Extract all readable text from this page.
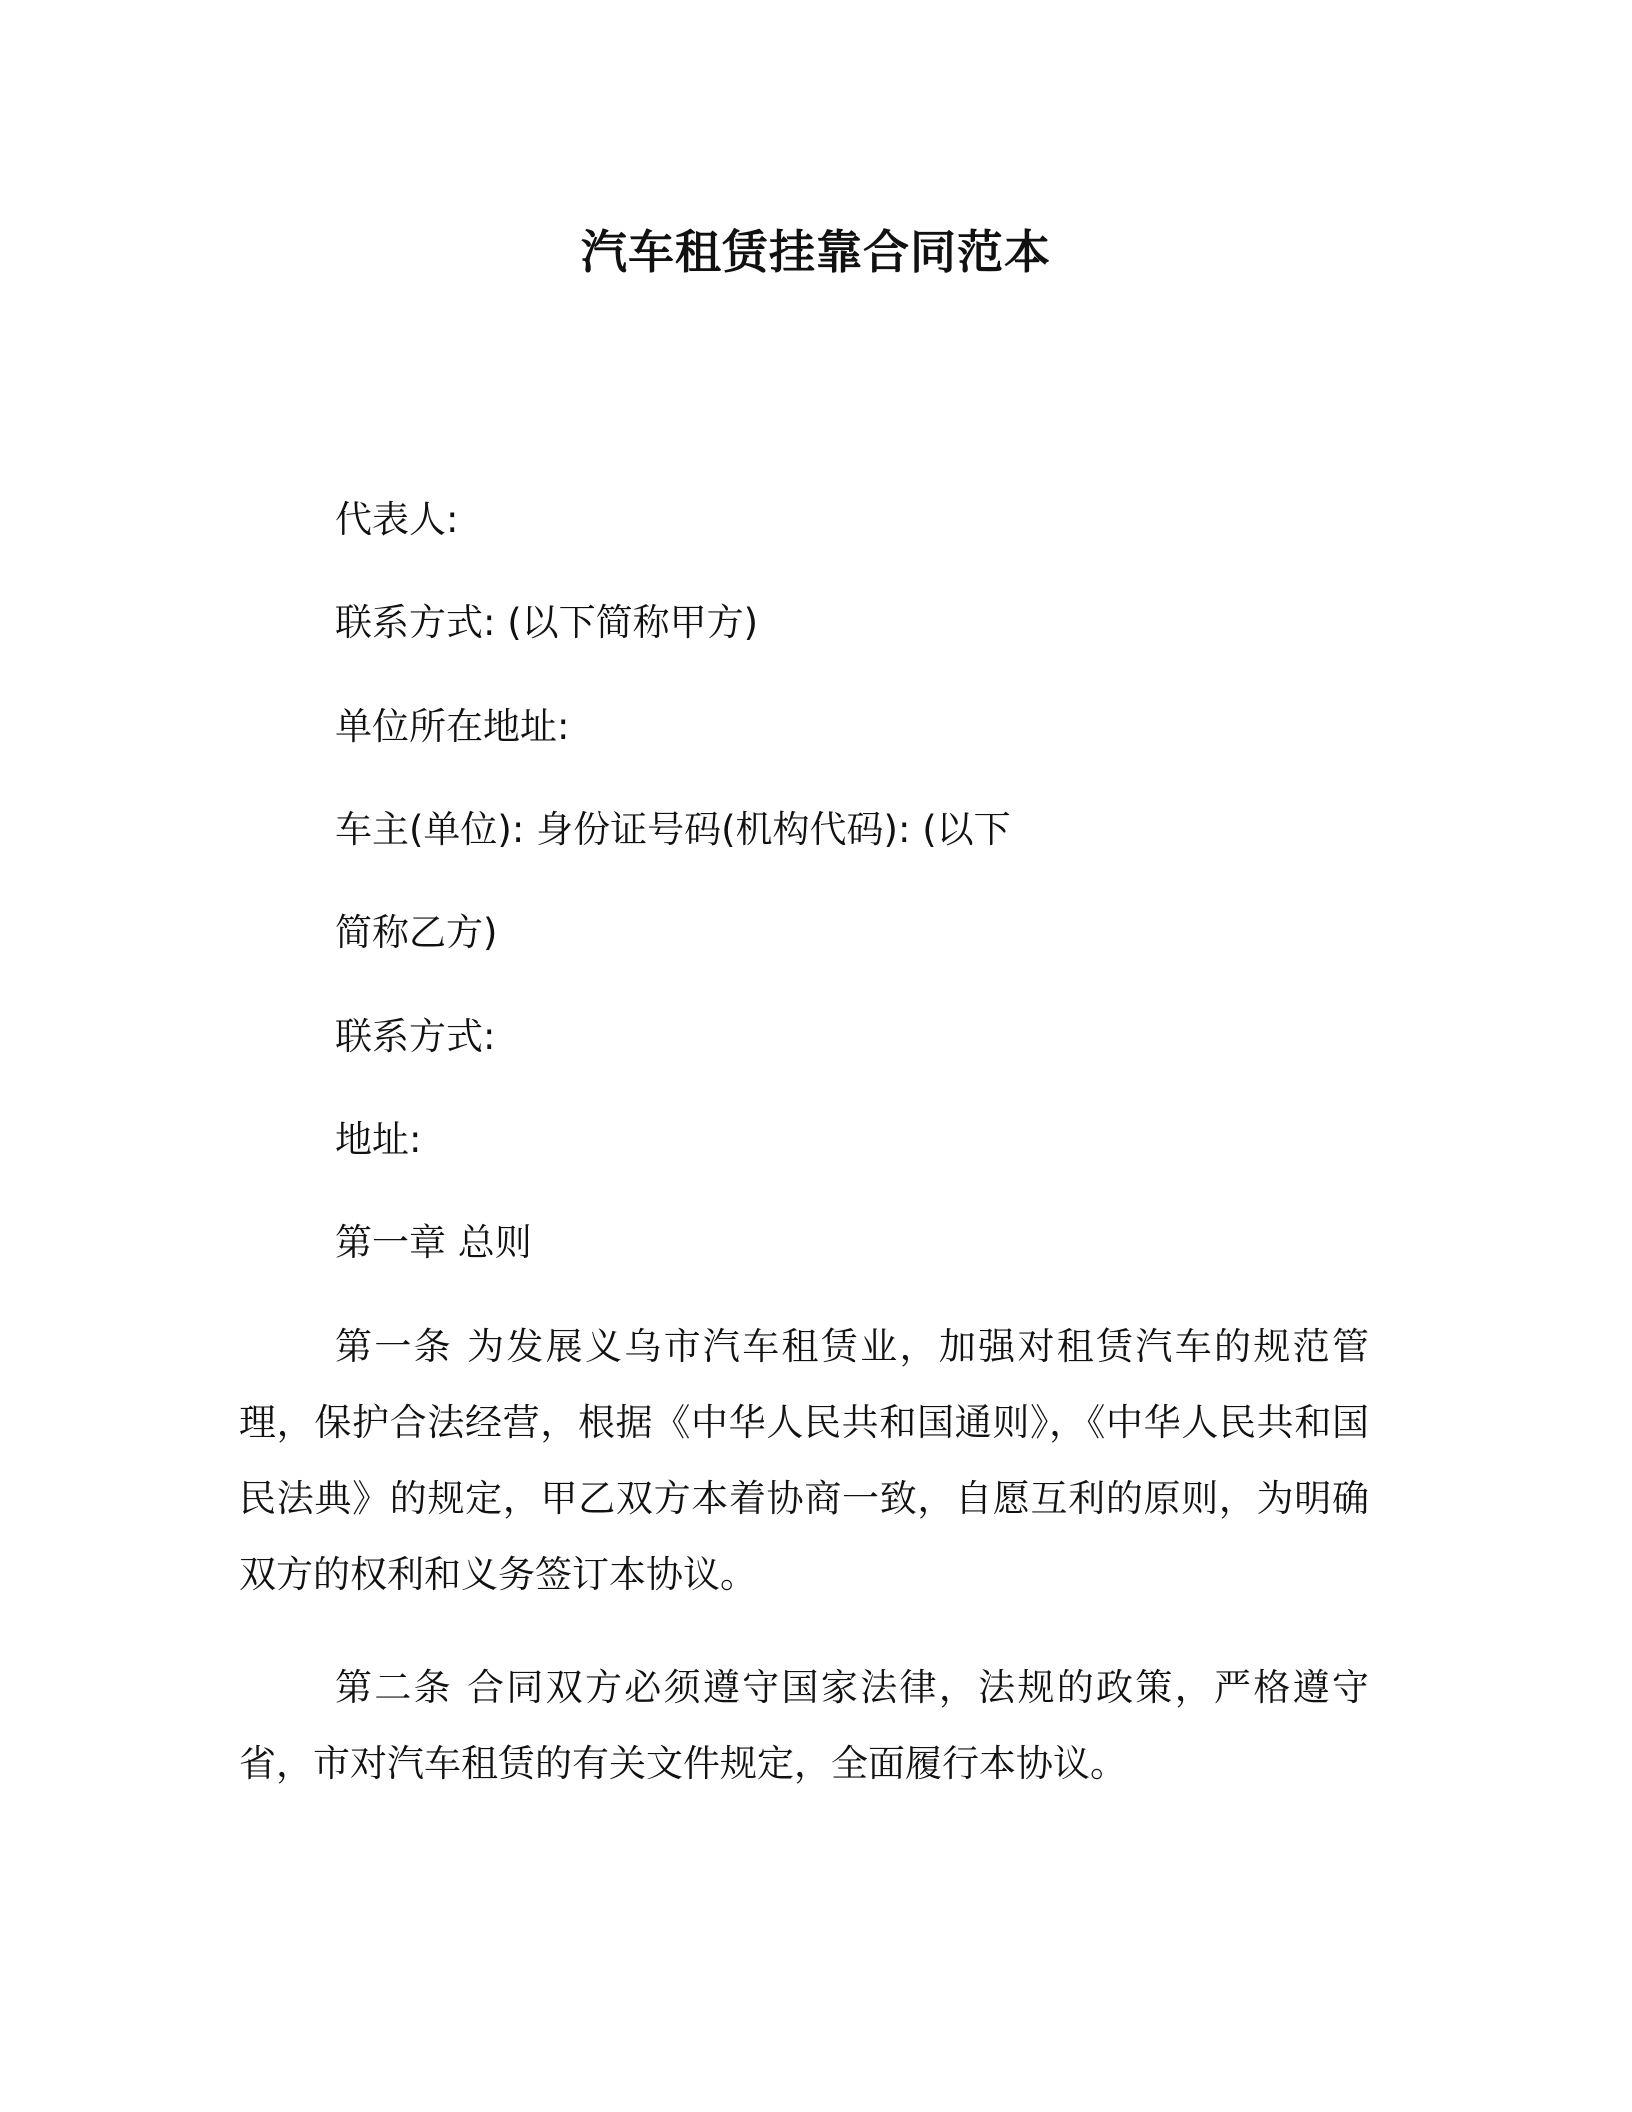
汽车租赁挂靠合同范本
代表人:
联系方式: (以下简称甲方)
单位所在地址:
车主(单位): 身份证号码(机构代码): (以下
简称乙方)
联系方式:
地址:
第一章 总则
第一条 为发展义乌市汽车租赁业，加强对租赁汽车的规范管理，保护合法经营，根据《中华人民共和国通则》，《中华人民共和国民法典》的规定，甲乙双方本着协商一致，自愿互利的原则，为明确双方的权利和义务签订本协议。
第二条 合同双方必须遵守国家法律，法规的政策，严格遵守省，市对汽车租赁的有关文件规定，全面履行本协议。
